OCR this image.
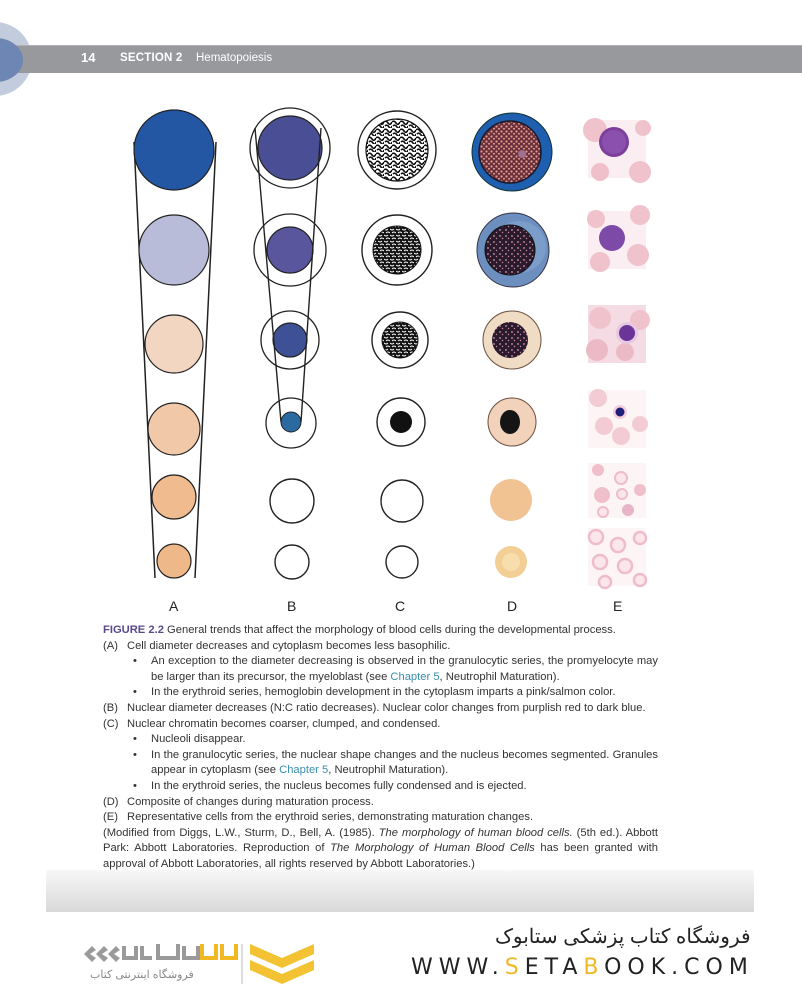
14 SECTION 2 Hematopoiesis
A	B	C	D	E
FIGURE 2.2 General trends that affect the morphology of blood cells during the developmental process.
(A) Cell diameter decreases and cytoplasm becomes less basophilic.
• An exception to the diameter decreasing is observed in the granulocytic series, the promyelocyte may be larger than its precursor, the myeloblast (see Chapter 5, Neutrophil Maturation).
• In the erythroid series, hemoglobin development in the cytoplasm imparts a pink/salmon color.
(B) Nuclear diameter decreases (N:C ratio decreases). Nuclear color changes from purplish red to dark blue.
(C) Nuclear chromatin becomes coarser, clumped, and condensed.
• Nucleoli disappear.
• In the granulocytic series, the nuclear shape changes and the nucleus becomes segmented. Granules appear in cytoplasm (see Chapter 5, Neutrophil Maturation).
• In the erythroid series, the nucleus becomes fully condensed and is ejected.
(D) Composite of changes during maturation process.
(E) Representative cells from the erythroid series, demonstrating maturation changes.
(Modified from Diggs, L.W., Sturm, D., Bell, A. (1985). The morphology of human blood cells. (5th ed.). Abbott Park: Abbott Laboratories. Reproduction of The Morphology of Human Blood Cells has been granted with approval of Abbott Laboratories, all rights reserved by Abbott Laboratories.)
فروشگاه اینترنتی کتاب
فروشگاه کتاب پزشکی ستابوک
WWW.SETABOOK.COM
